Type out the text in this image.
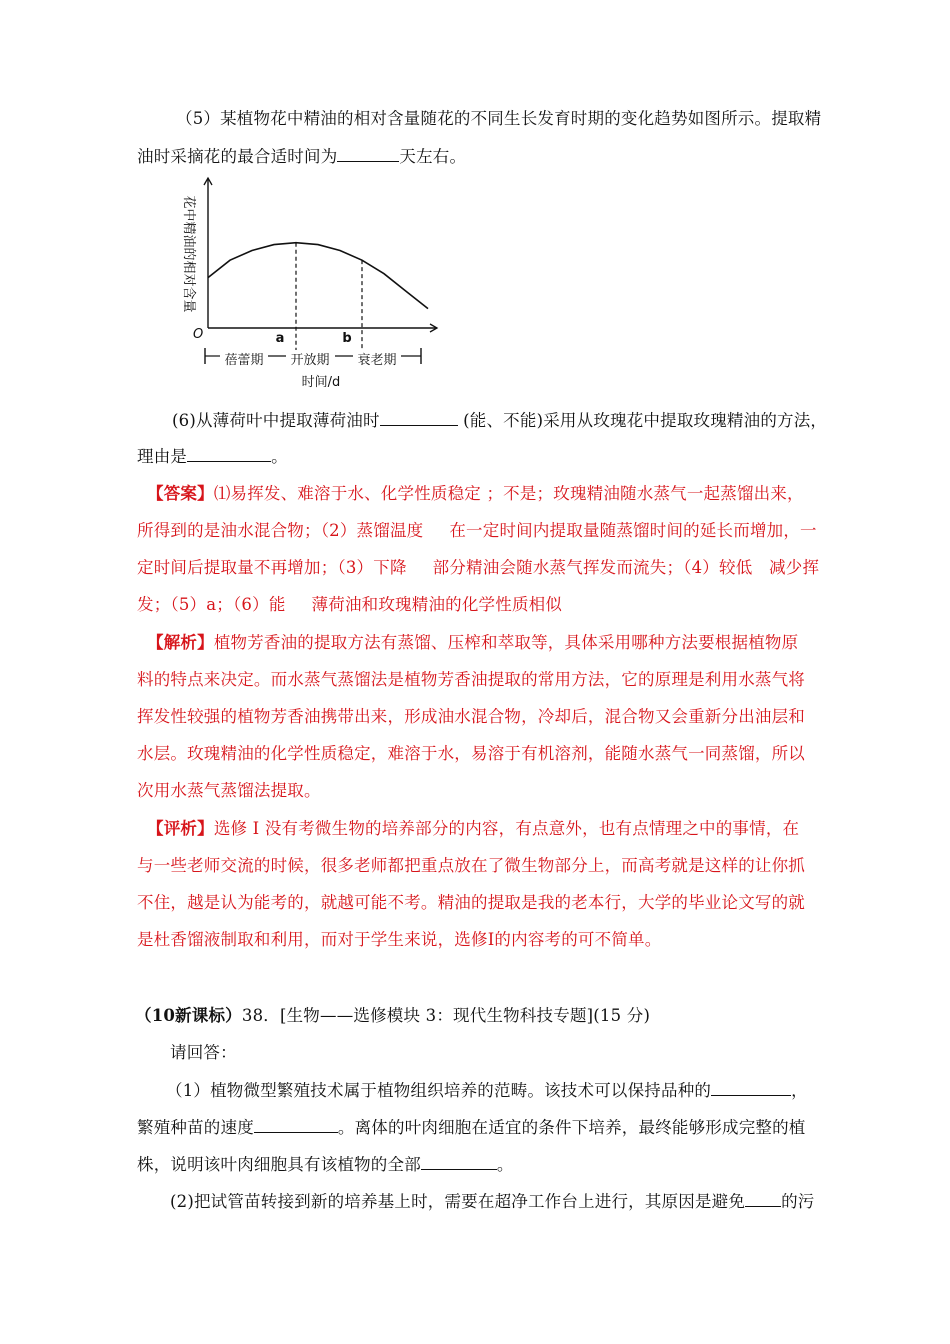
（5）某植物花中精油的相对含量随花的不同生长发育时期的变化趋势如图所示。提取精
油时采摘花的最合适时间为	天左右。
花中精油的相对含量
O	a	b
蓓蕾期 开放期 衰老期
时间/d
(6)从薄荷叶中提取薄荷油时	(能、不能)采用从玫瑰花中提取玫瑰精油的方法，
理由是	。
【答案】⑴易挥发、难溶于水、化学性质稳定 ；不是；玫瑰精油随水蒸气一起蒸馏出来，
所得到的是油水混合物；（2）蒸馏温度 在一定时间内提取量随蒸馏时间的延长而增加，一
定时间后提取量不再增加；（3）下降 部分精油会随水蒸气挥发而流失；（4）较低　减少挥
发；（5）a；（6）能 薄荷油和玫瑰精油的化学性质相似
【解析】植物芳香油的提取方法有蒸馏、压榨和萃取等，具体采用哪种方法要根据植物原
料的特点来决定。而水蒸气蒸馏法是植物芳香油提取的常用方法，它的原理是利用水蒸气将
挥发性较强的植物芳香油携带出来，形成油水混合物，冷却后，混合物又会重新分出油层和
水层。玫瑰精油的化学性质稳定，难溶于水，易溶于有机溶剂，能随水蒸气一同蒸馏，所以
次用水蒸气蒸馏法提取。
【评析】选修 Ⅰ 没有考微生物的培养部分的内容，有点意外，也有点情理之中的事情，在
与一些老师交流的时候，很多老师都把重点放在了微生物部分上，而高考就是这样的让你抓
不住，越是认为能考的，就越可能不考。精油的提取是我的老本行，大学的毕业论文写的就
是杜香馏液制取和利用，而对于学生来说，选修Ⅰ的内容考的可不简单。
（10新课标）38．[生物——选修模块 3：现代生物科技专题](15 分)
请回答：
（1）植物微型繁殖技术属于植物组织培养的范畴。该技术可以保持品种的	，
繁殖种苗的速度	。离体的叶肉细胞在适宜的条件下培养，最终能够形成完整的植
株，说明该叶肉细胞具有该植物的全部	。
(2)把试管苗转接到新的培养基上时，需要在超净工作台上进行，其原因是避免 的污
